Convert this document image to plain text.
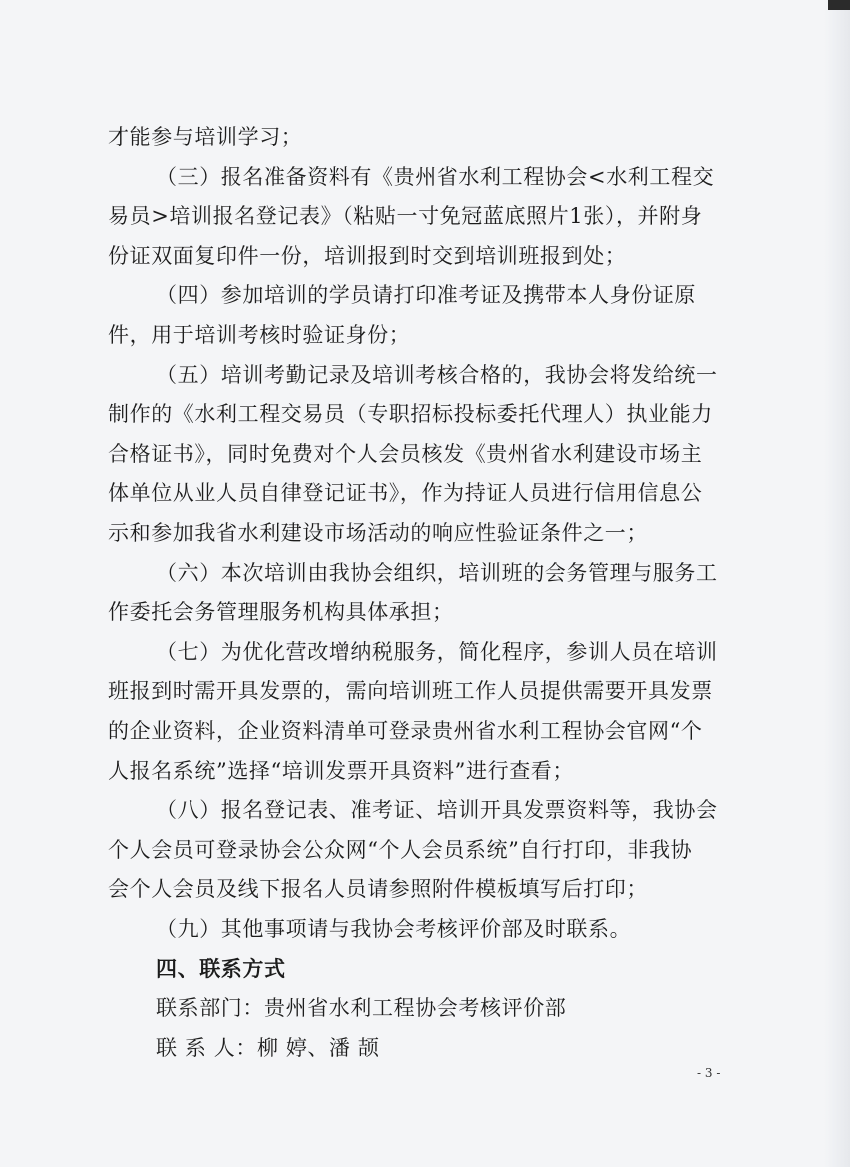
才能参与培训学习；
（三）报名准备资料有《贵州省水利工程协会<水利工程交
易员>培训报名登记表》（粘贴一寸免冠蓝底照片1张），并附身
份证双面复印件一份，培训报到时交到培训班报到处；
（四）参加培训的学员请打印准考证及携带本人身份证原
件，用于培训考核时验证身份；
（五）培训考勤记录及培训考核合格的，我协会将发给统一
制作的《水利工程交易员（专职招标投标委托代理人）执业能力
合格证书》，同时免费对个人会员核发《贵州省水利建设市场主
体单位从业人员自律登记证书》，作为持证人员进行信用信息公
示和参加我省水利建设市场活动的响应性验证条件之一；
（六）本次培训由我协会组织，培训班的会务管理与服务工
作委托会务管理服务机构具体承担；
（七）为优化营改增纳税服务，简化程序，参训人员在培训
班报到时需开具发票的，需向培训班工作人员提供需要开具发票
的企业资料，企业资料清单可登录贵州省水利工程协会官网“个
人报名系统”选择“培训发票开具资料”进行查看；
（八）报名登记表、准考证、培训开具发票资料等，我协会
个人会员可登录协会公众网“个人会员系统”自行打印，非我协
会个人会员及线下报名人员请参照附件模板填写后打印；
（九）其他事项请与我协会考核评价部及时联系。
四、联系方式
联系部门：贵州省水利工程协会考核评价部
联 系 人：柳 婷、潘 颉
- 3 -
